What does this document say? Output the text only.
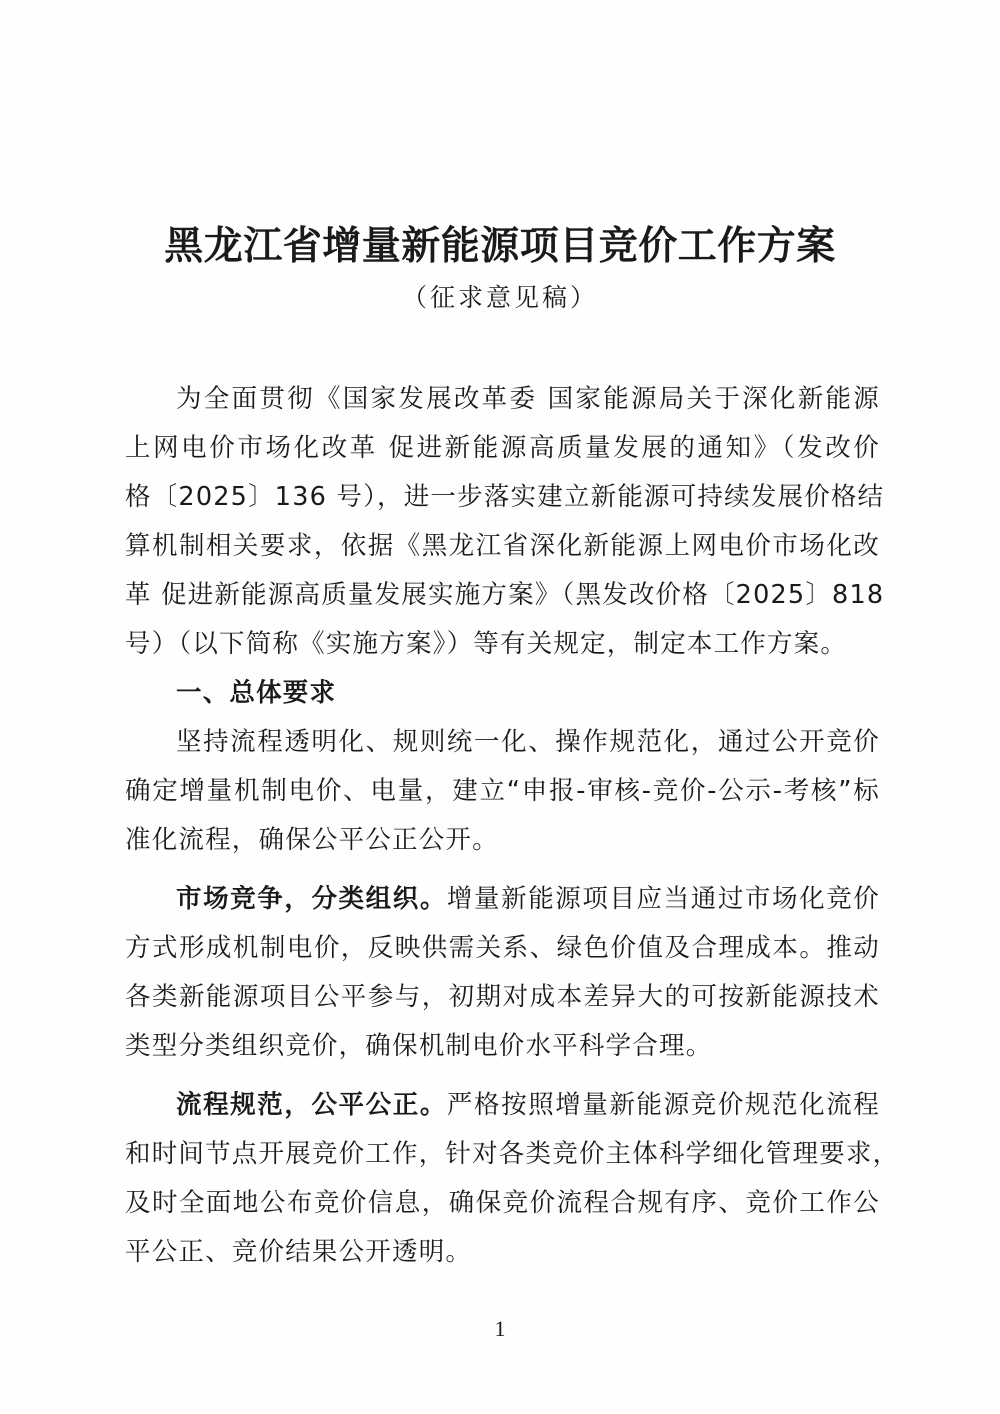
黑龙江省增量新能源项目竞价工作方案
（征求意见稿）
为全面贯彻《国家发展改革委 国家能源局关于深化新能源
上网电价市场化改革 促进新能源高质量发展的通知》（发改价
格〔2025〕136 号），进一步落实建立新能源可持续发展价格结
算机制相关要求，依据《黑龙江省深化新能源上网电价市场化改
革 促进新能源高质量发展实施方案》（黑发改价格〔2025〕818
号）（以下简称《实施方案》）等有关规定，制定本工作方案。
一、总体要求
坚持流程透明化、规则统一化、操作规范化，通过公开竞价
确定增量机制电价、电量，建立“申报-审核-竞价-公示-考核”标
准化流程，确保公平公正公开。
市场竞争，分类组织。增量新能源项目应当通过市场化竞价
方式形成机制电价，反映供需关系、绿色价值及合理成本。推动
各类新能源项目公平参与，初期对成本差异大的可按新能源技术
类型分类组织竞价，确保机制电价水平科学合理。
流程规范，公平公正。严格按照增量新能源竞价规范化流程
和时间节点开展竞价工作，针对各类竞价主体科学细化管理要求，
及时全面地公布竞价信息，确保竞价流程合规有序、竞价工作公
平公正、竞价结果公开透明。
1
